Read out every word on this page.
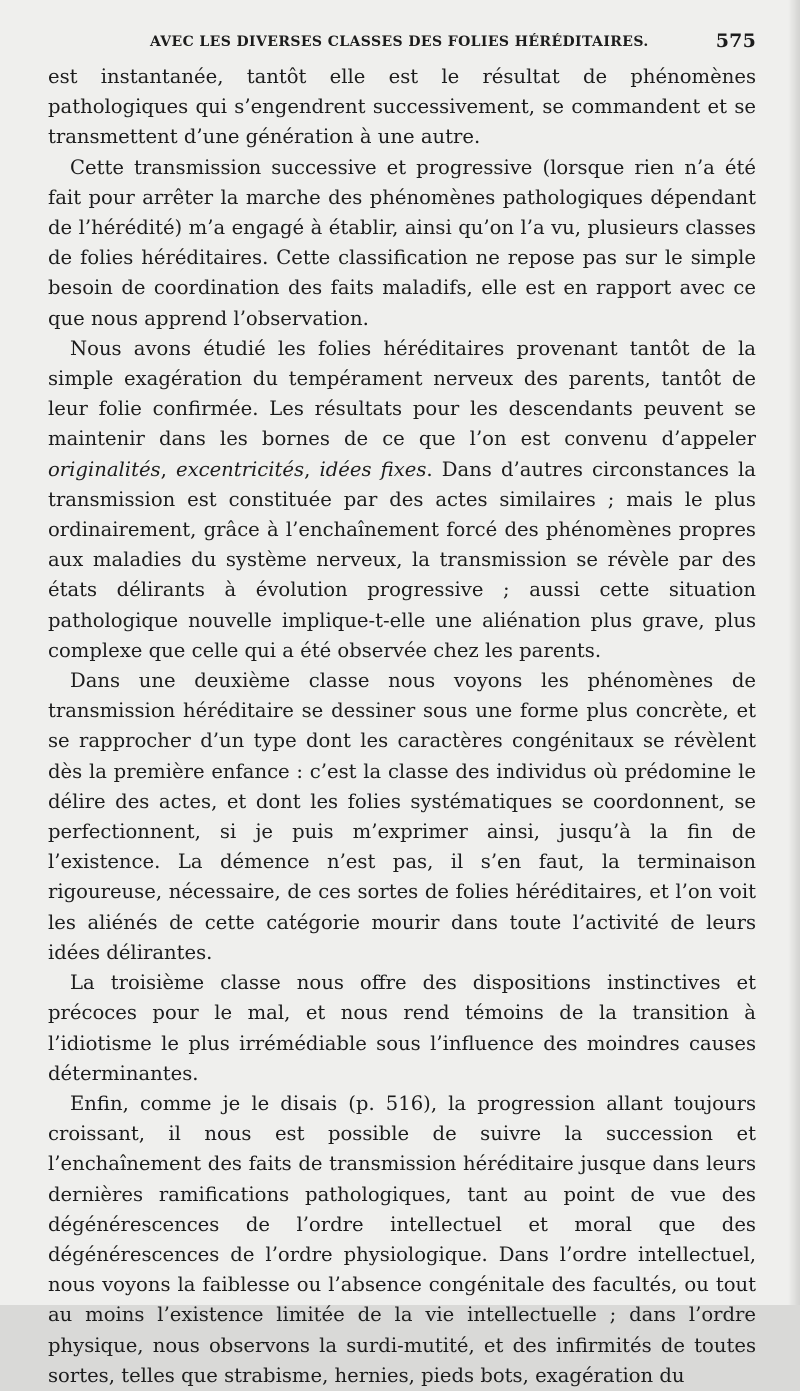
AVEC LES DIVERSES CLASSES DES FOLIES HÉRÉDITAIRES.	575

est instantanée, tantôt elle est le résultat de phénomènes pathologiques qui s’engendrent successivement, se commandent et se transmettent d’une génération à une autre.

Cette transmission successive et progressive (lorsque rien n’a été fait pour arrêter la marche des phénomènes pathologiques dépendant de l’hérédité) m’a engagé à établir, ainsi qu’on l’a vu, plusieurs classes de folies héréditaires. Cette classification ne repose pas sur le simple besoin de coordination des faits maladifs, elle est en rapport avec ce que nous apprend l’observation.

Nous avons étudié les folies héréditaires provenant tantôt de la simple exagération du tempérament nerveux des parents, tantôt de leur folie confirmée. Les résultats pour les descendants peuvent se maintenir dans les bornes de ce que l’on est convenu d’appeler originalités, excentricités, idées fixes. Dans d’autres circonstances la transmission est constituée par des actes similaires ; mais le plus ordinairement, grâce à l’enchaînement forcé des phénomènes propres aux maladies du système nerveux, la transmission se révèle par des états délirants à évolution progressive ; aussi cette situation pathologique nouvelle implique-t-elle une aliénation plus grave, plus complexe que celle qui a été observée chez les parents.

Dans une deuxième classe nous voyons les phénomènes de transmission héréditaire se dessiner sous une forme plus concrète, et se rapprocher d’un type dont les caractères congénitaux se révèlent dès la première enfance : c’est la classe des individus où prédomine le délire des actes, et dont les folies systématiques se coordonnent, se perfectionnent, si je puis m’exprimer ainsi, jusqu’à la fin de l’existence. La démence n’est pas, il s’en faut, la terminaison rigoureuse, nécessaire, de ces sortes de folies héréditaires, et l’on voit les aliénés de cette catégorie mourir dans toute l’activité de leurs idées délirantes.

La troisième classe nous offre des dispositions instinctives et précoces pour le mal, et nous rend témoins de la transition à l’idiotisme le plus irrémédiable sous l’influence des moindres causes déterminantes.

Enfin, comme je le disais (p. 516), la progression allant toujours croissant, il nous est possible de suivre la succession et l’enchaînement des faits de transmission héréditaire jusque dans leurs dernières ramifications pathologiques, tant au point de vue des dégénérescences de l’ordre intellectuel et moral que des dégénérescences de l’ordre physiologique. Dans l’ordre intellectuel, nous voyons la faiblesse ou l’absence congénitale des facultés, ou tout au moins l’existence limitée de la vie intellectuelle ; dans l’ordre physique, nous observons la surdi-mutité, et des infirmités de toutes sortes, telles que strabisme, hernies, pieds bots, exagération du
